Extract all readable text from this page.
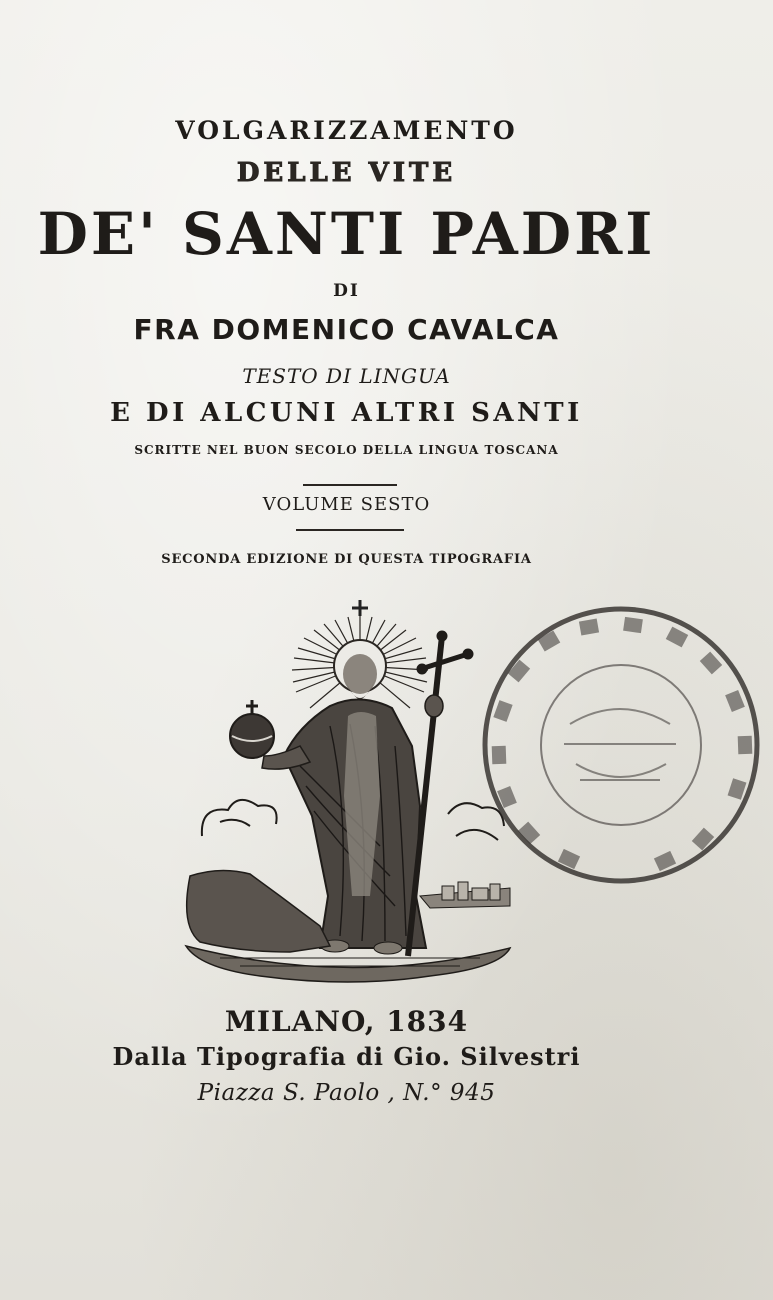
VOLGARIZZAMENTO
DELLE VITE
DE' SANTI PADRI
DI
FRA DOMENICO CAVALCA
TESTO DI LINGUA
E DI ALCUNI ALTRI SANTI
SCRITTE NEL BUON SECOLO DELLA LINGUA TOSCANA
VOLUME SESTO
SECONDA EDIZIONE DI QUESTA TIPOGRAFIA
MILANO, 1834
Dalla Tipografia di Gio. Silvestri
Piazza S. Paolo , N.° 945
